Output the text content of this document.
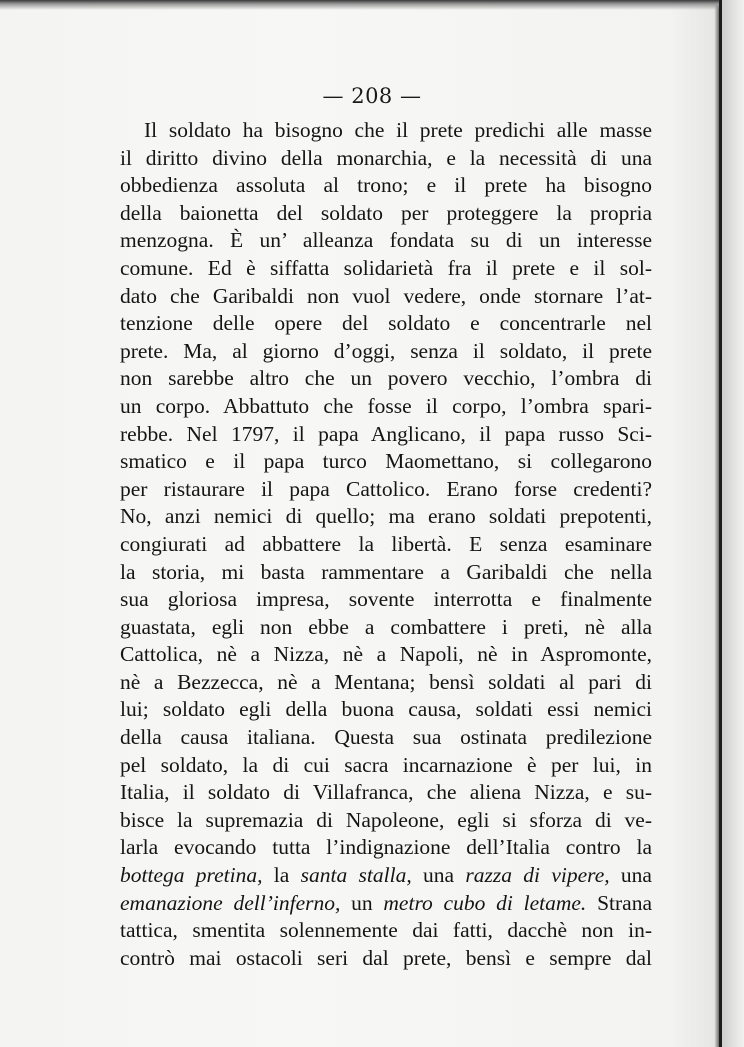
— 208 —
Il soldato ha bisogno che il prete predichi alle masse
il diritto divino della monarchia, e la necessità di una
obbedienza assoluta al trono; e il prete ha bisogno
della baionetta del soldato per proteggere la propria
menzogna. È un’ alleanza fondata su di un interesse
comune. Ed è siffatta solidarietà fra il prete e il sol-
dato che Garibaldi non vuol vedere, onde stornare l’at-
tenzione delle opere del soldato e concentrarle nel
prete. Ma, al giorno d’oggi, senza il soldato, il prete
non sarebbe altro che un povero vecchio, l’ombra di
un corpo. Abbattuto che fosse il corpo, l’ombra spari-
rebbe. Nel 1797, il papa Anglicano, il papa russo Sci-
smatico e il papa turco Maomettano, si collegarono
per ristaurare il papa Cattolico. Erano forse credenti?
No, anzi nemici di quello; ma erano soldati prepotenti,
congiurati ad abbattere la libertà. E senza esaminare
la storia, mi basta rammentare a Garibaldi che nella
sua gloriosa impresa, sovente interrotta e finalmente
guastata, egli non ebbe a combattere i preti, nè alla
Cattolica, nè a Nizza, nè a Napoli, nè in Aspromonte,
nè a Bezzecca, nè a Mentana; bensì soldati al pari di
lui; soldato egli della buona causa, soldati essi nemici
della causa italiana. Questa sua ostinata predilezione
pel soldato, la di cui sacra incarnazione è per lui, in
Italia, il soldato di Villafranca, che aliena Nizza, e su-
bisce la supremazia di Napoleone, egli si sforza di ve-
larla evocando tutta l’indignazione dell’Italia contro la
bottega pretina, la santa stalla, una razza di vipere, una
emanazione dell’inferno, un metro cubo di letame. Strana
tattica, smentita solennemente dai fatti, dacchè non in-
contrò mai ostacoli seri dal prete, bensì e sempre dal
